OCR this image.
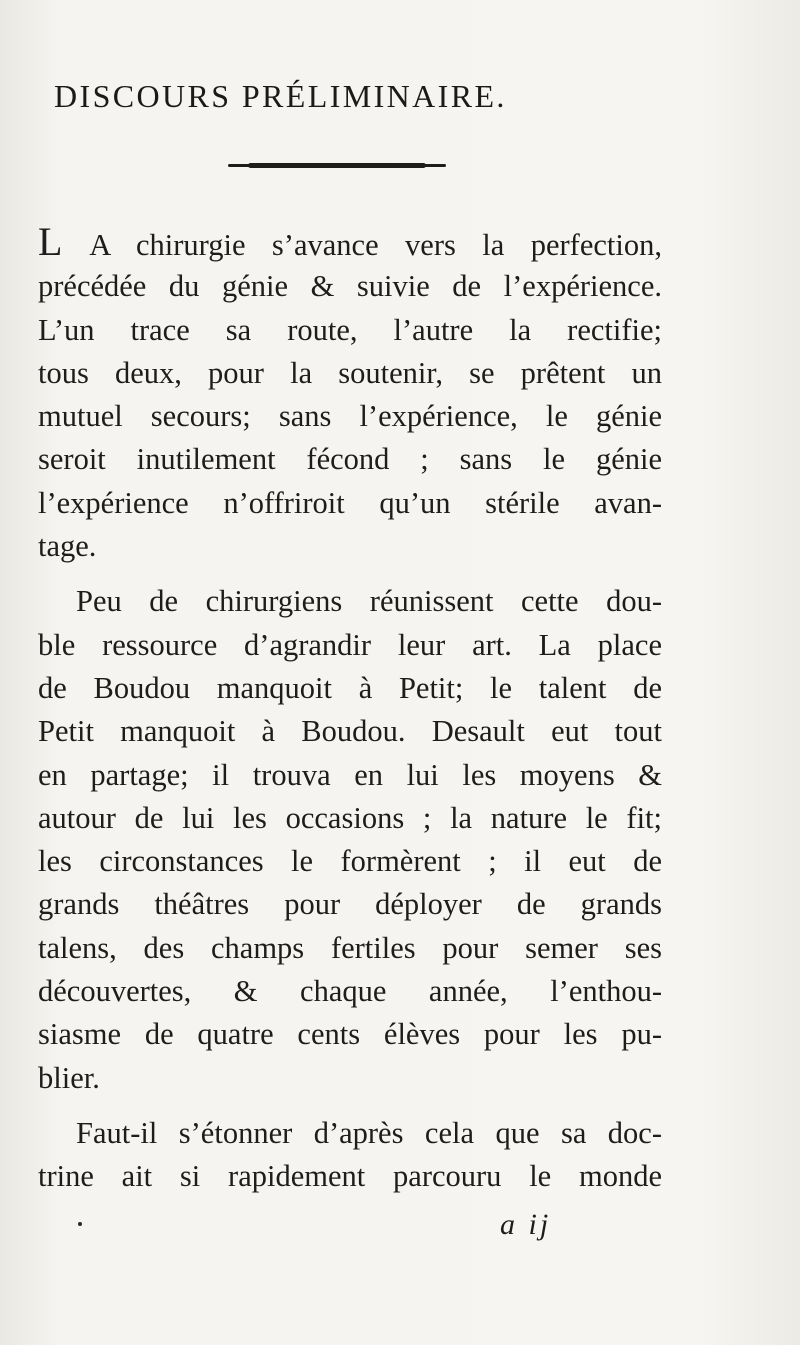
DISCOURS PRÉLIMINAIRE.
L A chirurgie s’avance vers la perfection,
précédée du génie & suivie de l’expérience.
L’un trace sa route, l’autre la rectifie;
tous deux, pour la soutenir, se prêtent un
mutuel secours; sans l’expérience, le génie
seroit inutilement fécond ; sans le génie
l’expérience n’offriroit qu’un stérile avan-
tage.
Peu de chirurgiens réunissent cette dou-
ble ressource d’agrandir leur art. La place
de Boudou manquoit à Petit; le talent de
Petit manquoit à Boudou. Desault eut tout
en partage; il trouva en lui les moyens &
autour de lui les occasions ; la nature le fit;
les circonstances le formèrent ; il eut de
grands théâtres pour déployer de grands
talens, des champs fertiles pour semer ses
découvertes, & chaque année, l’enthou-
siasme de quatre cents élèves pour les pu-
blier.
Faut-il s’étonner d’après cela que sa doc-
trine ait si rapidement parcouru le monde
a ij
